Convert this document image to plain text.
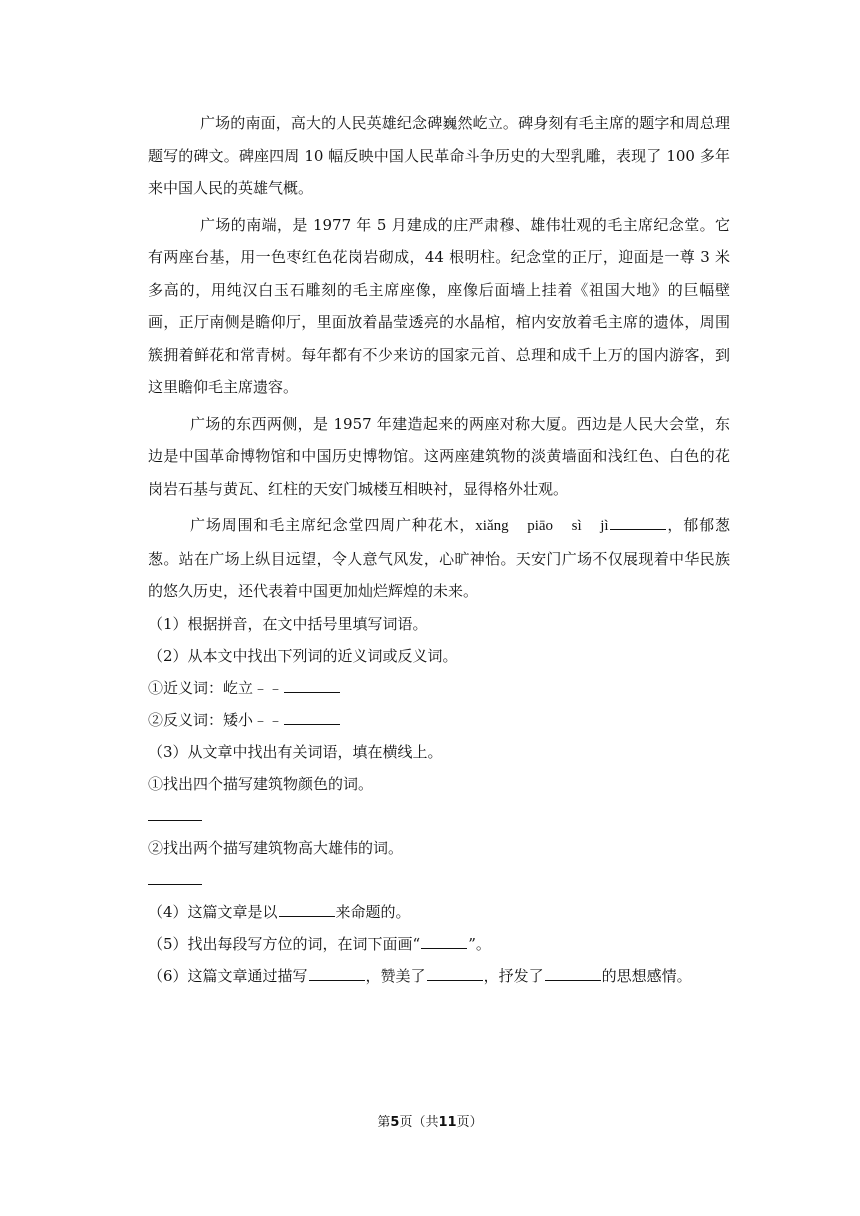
广场的南面，高大的人民英雄纪念碑巍然屹立。碑身刻有毛主席的题字和周总理题写的碑文。碑座四周 10 幅反映中国人民革命斗争历史的大型乳雕，表现了 100 多年来中国人民的英雄气概。

广场的南端，是 1977 年 5 月建成的庄严肃穆、雄伟壮观的毛主席纪念堂。它有两座台基，用一色枣红色花岗岩砌成，44 根明柱。纪念堂的正厅，迎面是一尊 3 米多高的，用纯汉白玉石雕刻的毛主席座像，座像后面墙上挂着《祖国大地》的巨幅壁画，正厅南侧是瞻仰厅，里面放着晶莹透亮的水晶棺，棺内安放着毛主席的遗体，周围簇拥着鲜花和常青树。每年都有不少来访的国家元首、总理和成千上万的国内游客，到这里瞻仰毛主席遗容。

广场的东西两侧，是 1957 年建造起来的两座对称大厦。西边是人民大会堂，东边是中国革命博物馆和中国历史博物馆。这两座建筑物的淡黄墙面和浅红色、白色的花岗岩石基与黄瓦、红柱的天安门城楼互相映衬，显得格外壮观。

广场周围和毛主席纪念堂四周广种花木，xiǎng piāo sì jì	，郁郁葱葱。站在广场上纵目远望，令人意气风发，心旷神怡。天安门广场不仅展现着中华民族的悠久历史，还代表着中国更加灿烂辉煌的未来。

（1）根据拼音，在文中括号里填写词语。

（2）从本文中找出下列词的近义词或反义词。

①近义词：屹立﹣﹣

②反义词：矮小﹣﹣

（3）从文章中找出有关词语，填在横线上。

①找出四个描写建筑物颜色的词。

②找出两个描写建筑物高大雄伟的词。

（4）这篇文章是以	来命题的。

（5）找出每段写方位的词，在词下面画“	”。

（6）这篇文章通过描写	，赞美了	，抒发了	的思想感情。

第5页（共11页）
